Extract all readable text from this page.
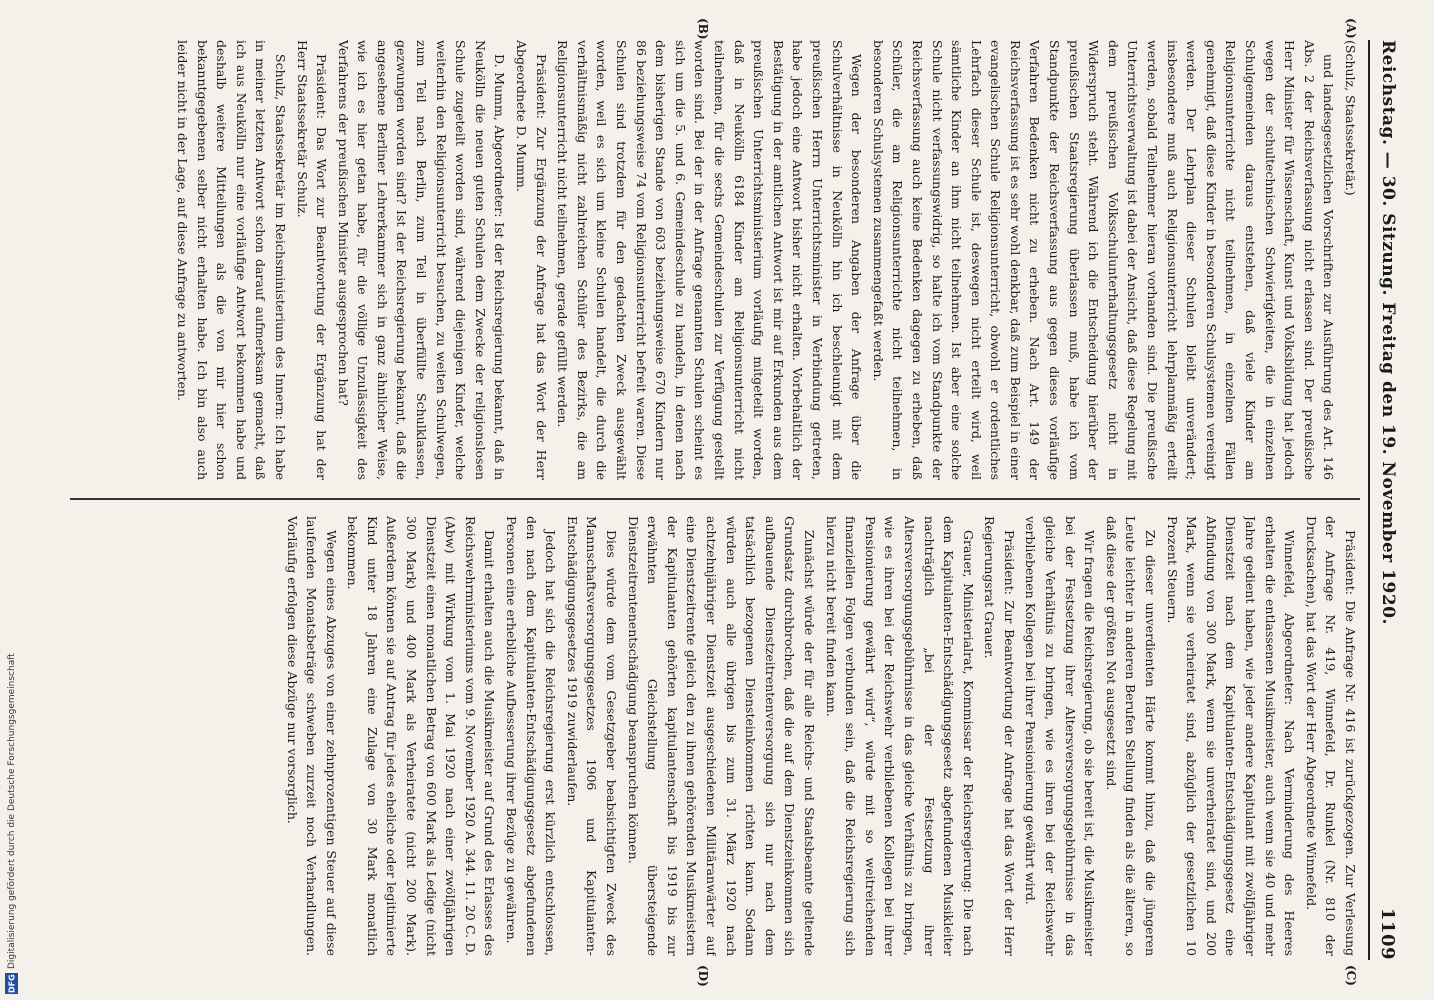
DFG
Digitalisierung gefördert durch die Deutsche Forschungsgemeinschaft
Reichstag. — 30. Sitzung. Freitag den 19. November 1920.
1109
(A)
(B)
(C)
(D)

(Schulz, Staatssekretär.)

und landesgesetzlichen Vorschriften zur Ausführung des Art. 146 Abs. 2 der Reichsverfassung nicht erlassen sind. Der preußische Herr Minister für Wissenschaft, Kunst und Volksbildung hat jedoch wegen der schultechnischen Schwierigkeiten, die in einzelnen Schulgemeinden daraus entstehen, daß viele Kinder am Religionsunterrichte nicht teilnehmen, in einzelnen Fällen genehmigt, daß diese Kinder in besonderen Schulsystemen vereinigt werden. Der Lehrplan dieser Schulen bleibt unverändert; insbesondere muß auch Religionsunterricht lehrplanmäßig erteilt werden, sobald Teilnehmer hieran vorhanden sind. Die preußische Unterrichtsverwaltung ist dabei der Ansicht, daß diese Regelung mit dem preußischen Volksschulunterhaltungsgesetz nicht in Widerspruch steht. Während ich die Entscheidung hierüber der preußischen Staatsregierung überlassen muß, habe ich vom Standpunkte der Reichsverfassung aus gegen dieses vorläufige Verfahren Bedenken nicht zu erheben. Nach Art. 149 der Reichsverfassung ist es sehr wohl denkbar, daß zum Beispiel in einer evangelischen Schule Religionsunterricht, obwohl er ordentliches Lehrfach dieser Schule ist, deswegen nicht erteilt wird, weil sämtliche Kinder an ihm nicht teilnehmen. Ist aber eine solche Schule nicht verfassungswidrig, so halte ich vom Standpunkte der Reichsverfassung auch keine Bedenken dagegen zu erheben, daß Schüler, die am Religionsunterrichte nicht teilnehmen, in besonderen Schulsystemen zusammengefaßt werden.

Wegen der besonderen Angaben der Anfrage über die Schulverhältnisse in Neukölln hin ich beschleunigt mit dem preußischen Herrn Unterrichtsminister in Verbindung getreten, habe jedoch eine Antwort bisher nicht erhalten. Vorbehaltlich der Bestätigung in der amtlichen Antwort ist mir auf Erkunden aus dem preußischen Unterrichtsministerium vorläufig mitgeteilt worden, daß in Neukölln 6184 Kinder am Religionsunterricht nicht teilnehmen, für die sechs Gemeindeschulen zur Verfügung gestellt worden sind. Bei der in der Anfrage genannten Schulen scheint es sich um die 5. und 6. Gemeindeschule zu handeln, in denen nach dem bisherigen Stande von 603 beziehungsweise 670 Kindern nur 86 beziehungsweise 74 vom Religionsunterricht befreit waren. Diese Schulen sind trotzdem für den gedachten Zweck ausgewählt worden, weil es sich um kleine Schulen handelt, die durch die verhältnismäßig nicht zahlreichen Schüler des Bezirks, die am Religionsunterricht nicht teilnehmen, gerade gefüllt werden.

Präsident: Zur Ergänzung der Anfrage hat das Wort der Herr Abgeordnete D. Mumm.

D. Mumm, Abgeordneter: Ist der Reichsregierung bekannt, daß in Neukölln die neuen guten Schulen dem Zwecke der religionslosen Schule zugeteilt worden sind, während diejenigen Kinder, welche weiterhin den Religionsunterricht besuchen, zu weiten Schulwegen, zum Teil nach Berlin, zum Teil in überfüllte Schulklassen, gezwungen worden sind? Ist der Reichsregierung bekannt, daß die angesehene Berliner Lehrerkammer sich in ganz ähnlicher Weise, wie ich es hier getan habe, für die völlige Unzulässigkeit des Verfahrens der preußischen Minister ausgesprochen hat?

Präsident: Das Wort zur Beantwortung der Ergänzung hat der Herr Staatssekretär Schulz.

Schulz, Staatssekretär im Reichsministerium des Innern: Ich habe in meiner letzten Antwort schon darauf aufmerksam gemacht, daß ich aus Neukölln nur eine vorläufige Antwort bekommen habe und deshalb weitere Mitteilungen als die von mir hier schon bekanntgegebenen selber nicht erhalten habe. Ich bin also auch leider nicht in der Lage, auf diese Anfrage zu antworten.

Präsident: Die Anfrage Nr. 416 ist zurückgezogen. Zur Verlesung der Anfrage Nr. 419, Winnefeld, Dr. Runkel (Nr. 810 der Drucksachen), hat das Wort der Herr Abgeordnete Winnefeld.

Winnefeld, Abgeordneter: Nach Verminderung des Heeres erhalten die entlassenen Musikmeister, auch wenn sie 40 und mehr Jahre gedient haben, wie jeder andere Kapitulant mit zwölfjähriger Dienstzeit nach dem Kapitulanten-Entschädigungsgesetz eine Abfindung von 300 Mark, wenn sie unverheiratet sind, und 200 Mark, wenn sie verheiratet sind, abzüglich der gesetzlichen 10 Prozent Steuern.

Zu dieser unverdienten Härte kommt hinzu, daß die jüngeren Leute leichter in anderen Berufen Stellung finden als die älteren, so daß diese der größten Not ausgesetzt sind.

Wir fragen die Reichsregierung, ob sie bereit ist, die Musikmeister bei der Festsetzung ihrer Altersversorgungsgebührnisse in das gleiche Verhältnis zu bringen, wie es ihren bei der Reichswehr verbliebenen Kollegen bei ihrer Pensionierung gewährt wird.

Präsident: Zur Beantwortung der Anfrage hat das Wort der Herr Regierungsrat Grauer.

Grauer, Ministerialrat, Kommissar der Reichsregierung: Die nach dem Kapitulanten-Entschädigungsgesetz abgefundenen Musikleiter nachträglich „bei der Festsetzung ihrer Altersversorgungsgebührnisse in das gleiche Verhältnis zu bringen, wie es ihren bei der Reichswehr verbliebenen Kollegen bei ihrer Pensionierung gewährt wird“, würde mit so weitreichenden finanziellen Folgen verbunden sein, daß die Reichsregierung sich hierzu nicht bereit finden kann.

Zunächst würde der für alle Reichs- und Staatsbeamte geltende Grundsatz durchbrochen, daß die auf dem Dienstzeinkommen sich aufbauende Dienstzeitrentenversorgung sich nur nach dem tatsächlich bezogenen Diensteinkommen richten kann. Sodann würden auch alle übrigen bis zum 31. März 1920 nach achtzehnjähriger Dienstzeit ausgeschiedenen Militäranwärter auf eine Dienstzeitrente gleich den zu ihnen gehörenden Musikmeistern der Kapitulanten gehörten kapitulantenschaft bis 1919 bis zur erwähnten Gleichstellung übersteigende Dienstzeitrentenentschädigung beanspruchen können.

Dies würde dem vom Gesetzgeber beabsichtigten Zweck des Mannschaftsversorgungsgesetzes 1906 und Kapitulanten-Entschädigungsgesetzes 1919 zuwiderlaufen.

Jedoch hat sich die Reichsregierung erst kürzlich entschlossen, den nach dem Kapitulanten-Entschädigungsgesetz abgefundenen Personen eine erhebliche Aufbesserung ihrer Bezüge zu gewähren.

Damit erhalten auch die Musikmeister auf Grund des Erlasses des Reichswehrministeriums vom 9. November 1920 A. 344. 11. 20 C. D. (Abw) mit Wirkung vom 1. Mai 1920 nach einer zwölfjährigen Dienstzeit einen monatlichen Betrag von 600 Mark als Ledige (nicht 300 Mark) und 400 Mark als Verheiratete (nicht 200 Mark). Außerdem können sie auf Antrag für jedes eheliche oder legitimierte Kind unter 18 Jahren eine Zulage von 30 Mark monatlich bekommen.

Wegen eines Abzuges von einer zehnprozentigen Steuer auf diese laufenden Monatsbeträge schweben zurzeit noch Verhandlungen. Vorläufig erfolgen diese Abzüge nur vorsorglich.
